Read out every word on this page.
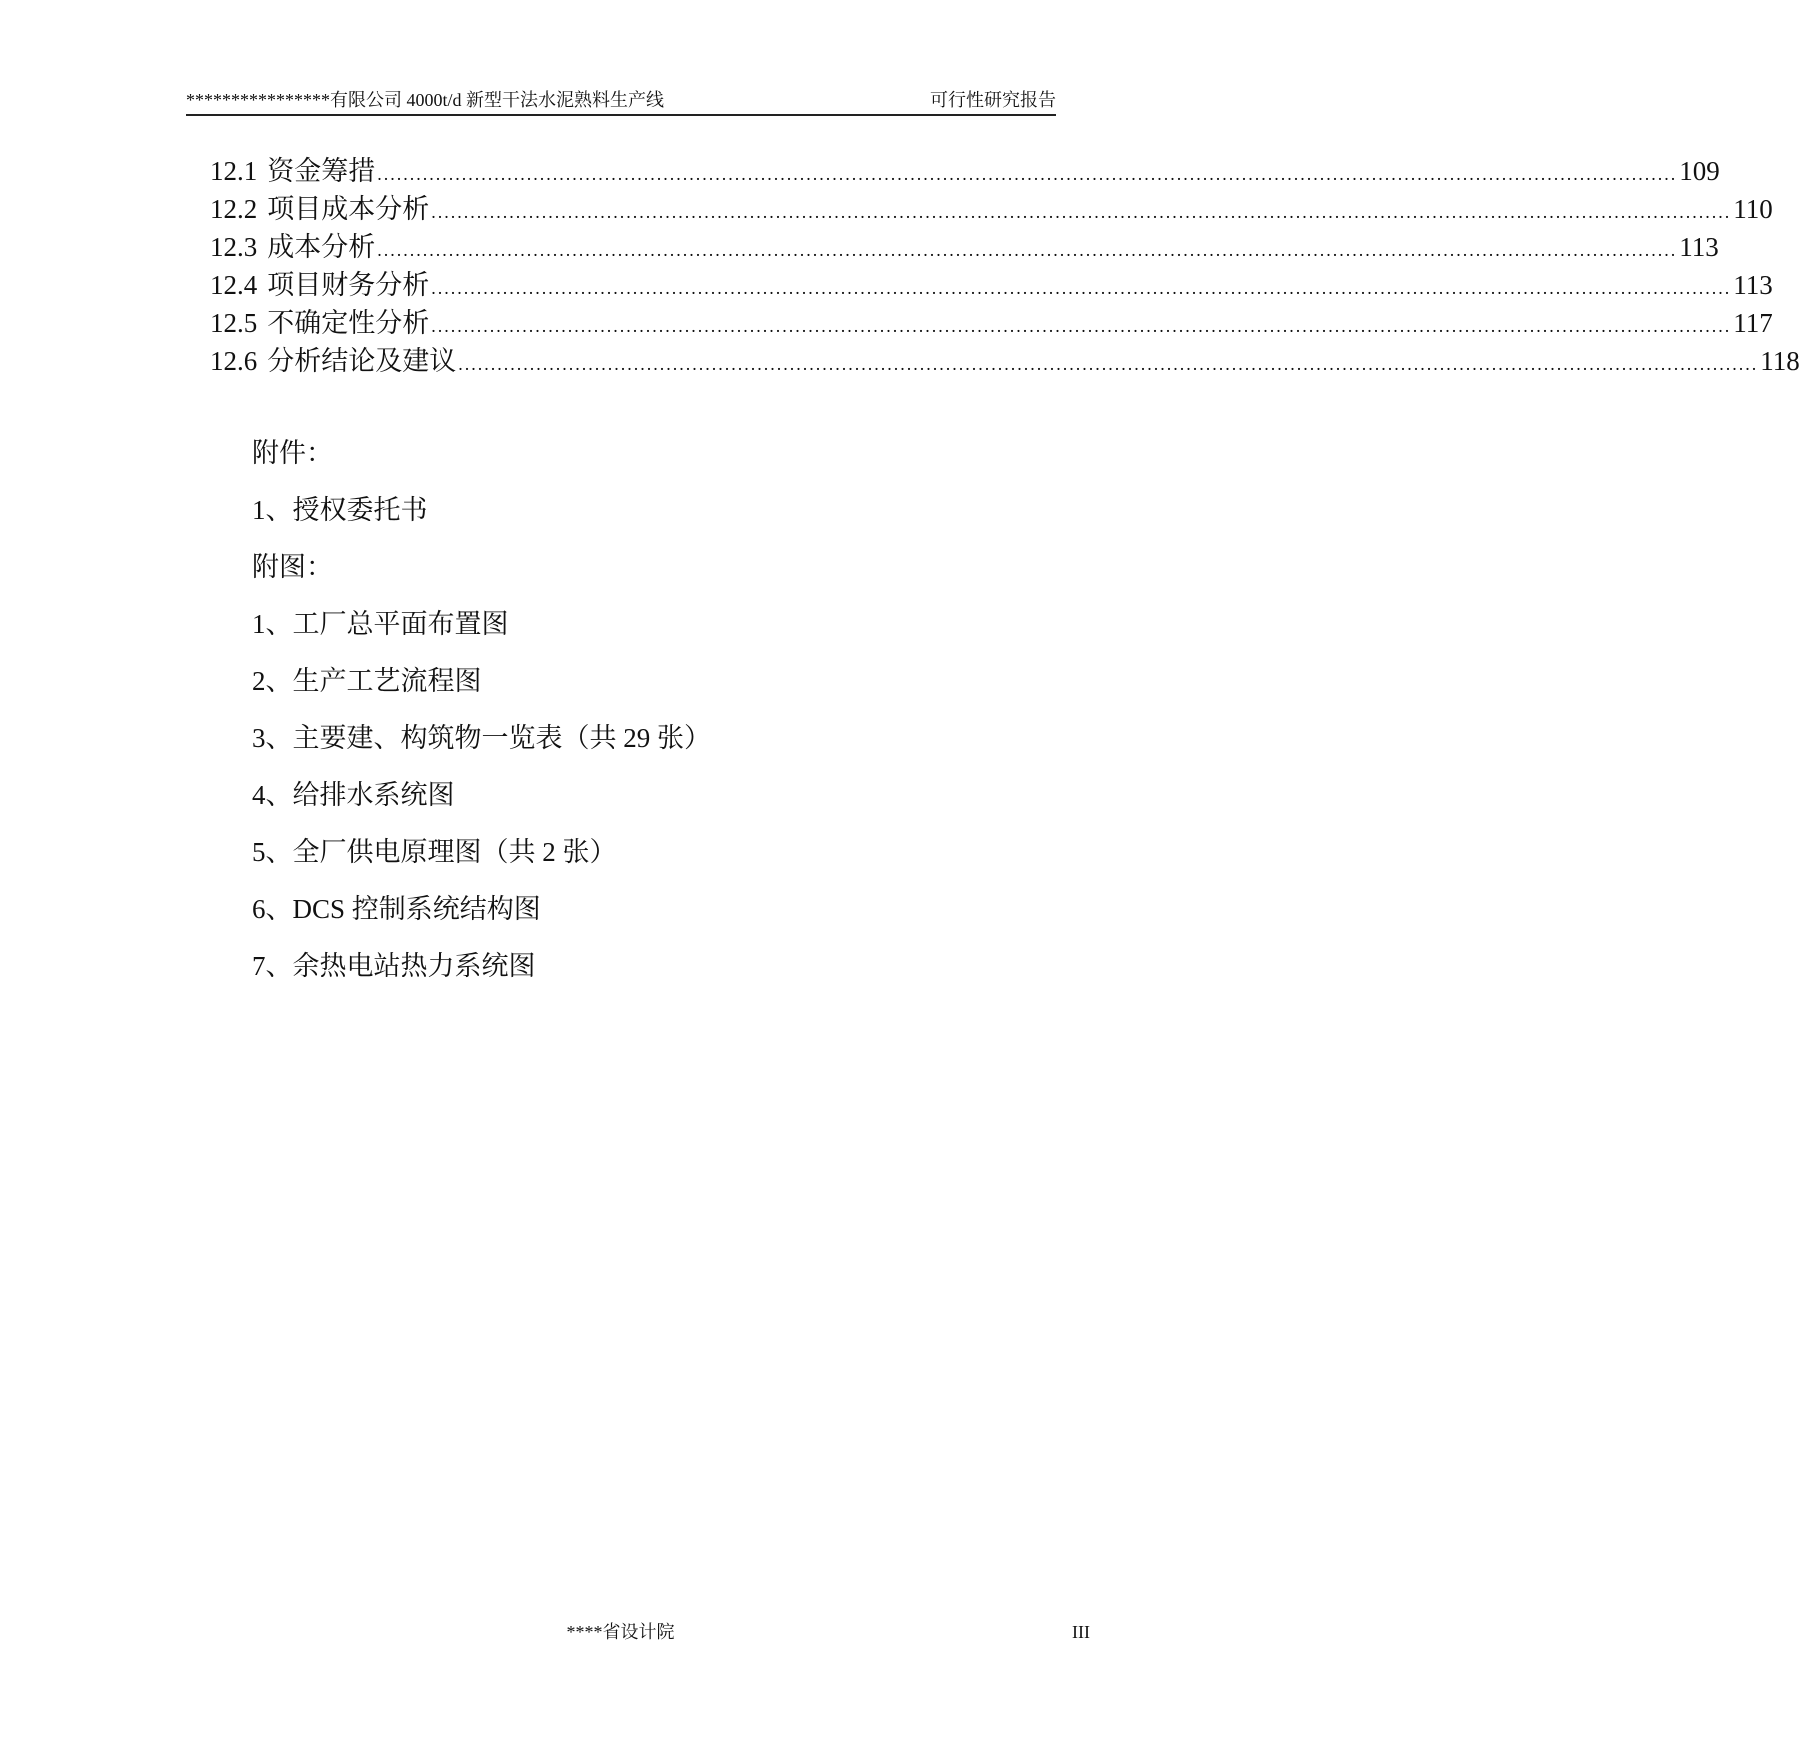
****************有限公司 4000t/d 新型干法水泥熟料生产线	可行性研究报告
12.1 资金筹措 ........................................................................................................................................................................................................ 109
12.2 项目成本分析 ........................................................................................................................................................................................................ 110
12.3 成本分析 ........................................................................................................................................................................................................ 113
12.4 项目财务分析 ........................................................................................................................................................................................................ 113
12.5 不确定性分析 ........................................................................................................................................................................................................ 117
12.6 分析结论及建议 ........................................................................................................................................................................................................ 118
附件：
1、授权委托书
附图：
1、工厂总平面布置图
2、生产工艺流程图
3、主要建、构筑物一览表（共 29 张）
4、给排水系统图
5、全厂供电原理图（共 2 张）
6、DCS 控制系统结构图
7、余热电站热力系统图
****省设计院	III
